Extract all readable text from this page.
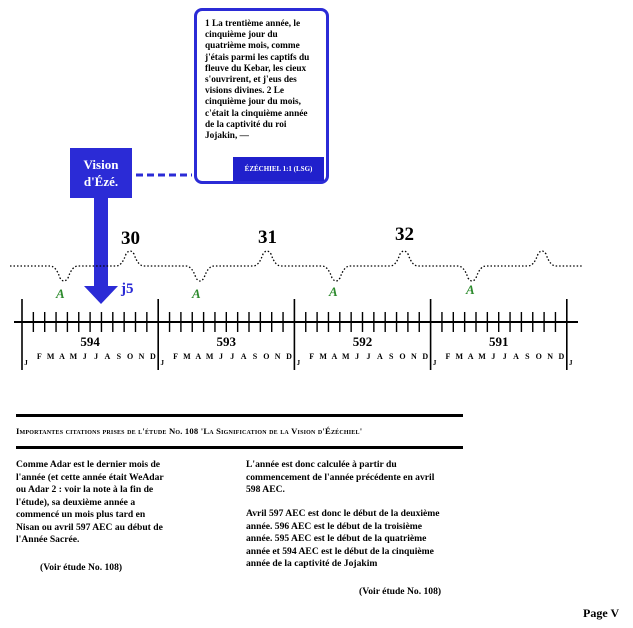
30	31	32
A	A	A	A
j5
594	593	592	591
J
F M A M J J A S O N D
J
F M A M J J A S O N D
J
F M A M J J A S O N D
J
F M A M J J A S O N D
J
1 La trentième année, le
cinquième jour du
quatrième mois, comme
j'étais parmi les captifs du
fleuve du Kebar, les cieux
s'ouvrirent, et j'eus des
visions divines. 2 Le
cinquième jour du mois,
c'était la cinquième année
de la captivité du roi
Jojakin, —
ÉZÉCHIEL 1:1 (LSG)
Vision
d'Ézé.
Importantes citations prises de l'étude No. 108 'La Signification de la Vision d'Ézéchiel'
Comme Adar est le dernier mois de
l'année (et cette année était WeAdar
ou Adar 2 : voir la note à la fin de
l'étude), sa deuxième année a
commencé un mois plus tard en
Nisan ou avril 597 AEC au début de
l'Année Sacrée.
(Voir étude No. 108)
L'année est donc calculée à partir du
commencement de l'année précédente en avril
598 AEC.
Avril 597 AEC est donc le début de la deuxième
année. 596 AEC est le début de la troisième
année. 595 AEC est le début de la quatrième
année et 594 AEC est le début de la cinquième
année de la captivité de Jojakim
(Voir étude No. 108)
Page V
